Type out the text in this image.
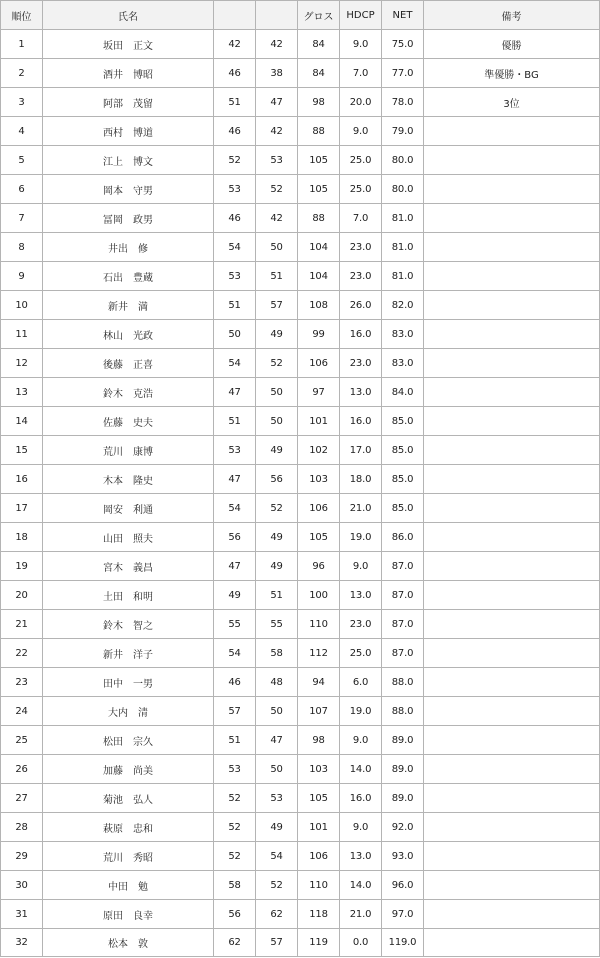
順位	氏名			グロス	HDCP	NET	備考
1	坂田　正文	42	42	84	9.0	75.0	優勝
2	酒井　博昭	46	38	84	7.0	77.0	準優勝・BG
3	阿部　茂留	51	47	98	20.0	78.0	3位
4	西村　博道	46	42	88	9.0	79.0	
5	江上　博文	52	53	105	25.0	80.0	
6	岡本　守男	53	52	105	25.0	80.0	
7	冨岡　政男	46	42	88	7.0	81.0	
8	井出　修	54	50	104	23.0	81.0	
9	石出　豊蔵	53	51	104	23.0	81.0	
10	新井　満	51	57	108	26.0	82.0	
11	林山　光政	50	49	99	16.0	83.0	
12	後藤　正喜	54	52	106	23.0	83.0	
13	鈴木　克浩	47	50	97	13.0	84.0	
14	佐藤　史夫	51	50	101	16.0	85.0	
15	荒川　康博	53	49	102	17.0	85.0	
16	木本　隆史	47	56	103	18.0	85.0	
17	岡安　利通	54	52	106	21.0	85.0	
18	山田　照夫	56	49	105	19.0	86.0	
19	宮木　義昌	47	49	96	9.0	87.0	
20	土田　和明	49	51	100	13.0	87.0	
21	鈴木　智之	55	55	110	23.0	87.0	
22	新井　洋子	54	58	112	25.0	87.0	
23	田中　一男	46	48	94	6.0	88.0	
24	大内　清	57	50	107	19.0	88.0	
25	松田　宗久	51	47	98	9.0	89.0	
26	加藤　尚美	53	50	103	14.0	89.0	
27	菊池　弘人	52	53	105	16.0	89.0	
28	萩原　忠和	52	49	101	9.0	92.0	
29	荒川　秀昭	52	54	106	13.0	93.0	
30	中田　勉	58	52	110	14.0	96.0	
31	原田　良幸	56	62	118	21.0	97.0	
32	松本　敦	62	57	119	0.0	119.0	
